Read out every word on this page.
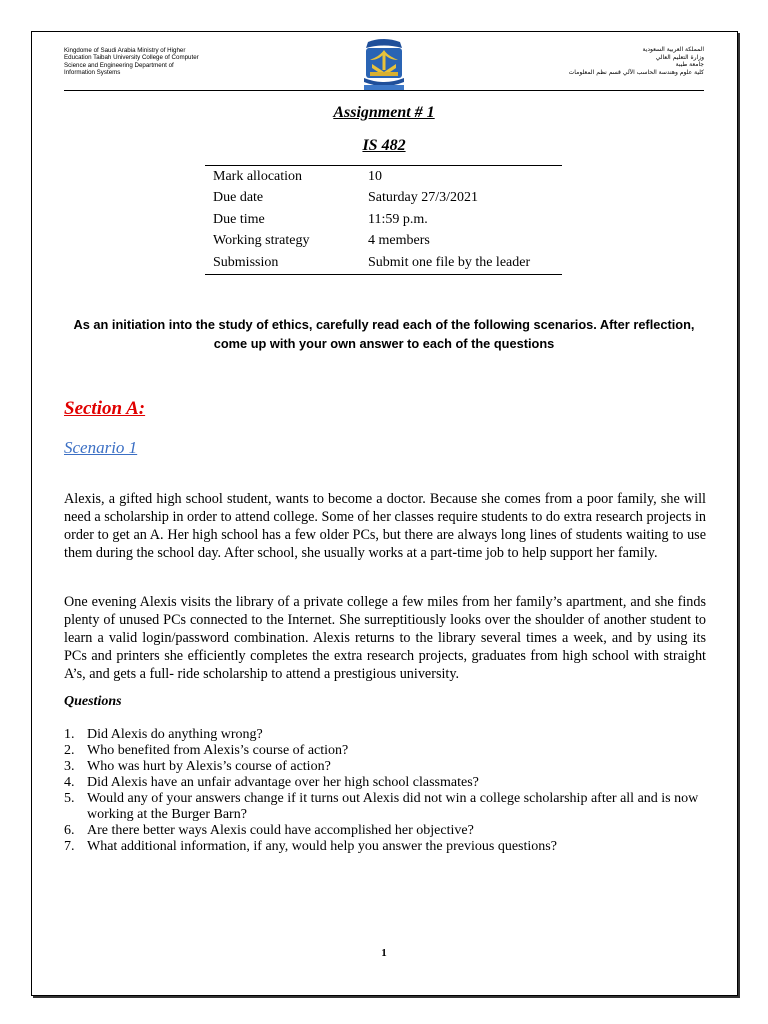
Kingdome of Saudi Arabia Ministry of Higher
Education Taibah University College of Computer
Science and Engineering Department of
Information Systems
المملكة العربية السعودية
وزارة التعليم العالي
جامعة طيبة
كلية علوم وهندسة الحاسب الآلي قسم نظم المعلومات
Assignment # 1
IS 482
Mark allocation	10
Due date	Saturday 27/3/2021
Due time	11:59 p.m.
Working strategy	4 members
Submission	Submit one file by the leader
As an initiation into the study of ethics, carefully read each of the following scenarios. After reflection, come up with your own answer to each of the questions
Section A:
Scenario 1
Alexis, a gifted high school student, wants to become a doctor. Because she comes from a poor family, she will need a scholarship in order to attend college. Some of her classes require students to do extra research projects in order to get an A. Her high school has a few older PCs, but there are always long lines of students waiting to use them during the school day. After school, she usually works at a part-time job to help support her family.
One evening Alexis visits the library of a private college a few miles from her family’s apartment, and she finds plenty of unused PCs connected to the Internet. She surreptitiously looks over the shoulder of another student to learn a valid login/password combination. Alexis returns to the library several times a week, and by using its PCs and printers she efficiently completes the extra research projects, graduates from high school with straight A’s, and gets a full- ride scholarship to attend a prestigious university.
Questions
1. Did Alexis do anything wrong?
2. Who benefited from Alexis’s course of action?
3. Who was hurt by Alexis’s course of action?
4. Did Alexis have an unfair advantage over her high school classmates?
5. Would any of your answers change if it turns out Alexis did not win a college scholarship after all and is now working at the Burger Barn?
6. Are there better ways Alexis could have accomplished her objective?
7. What additional information, if any, would help you answer the previous questions?
1
